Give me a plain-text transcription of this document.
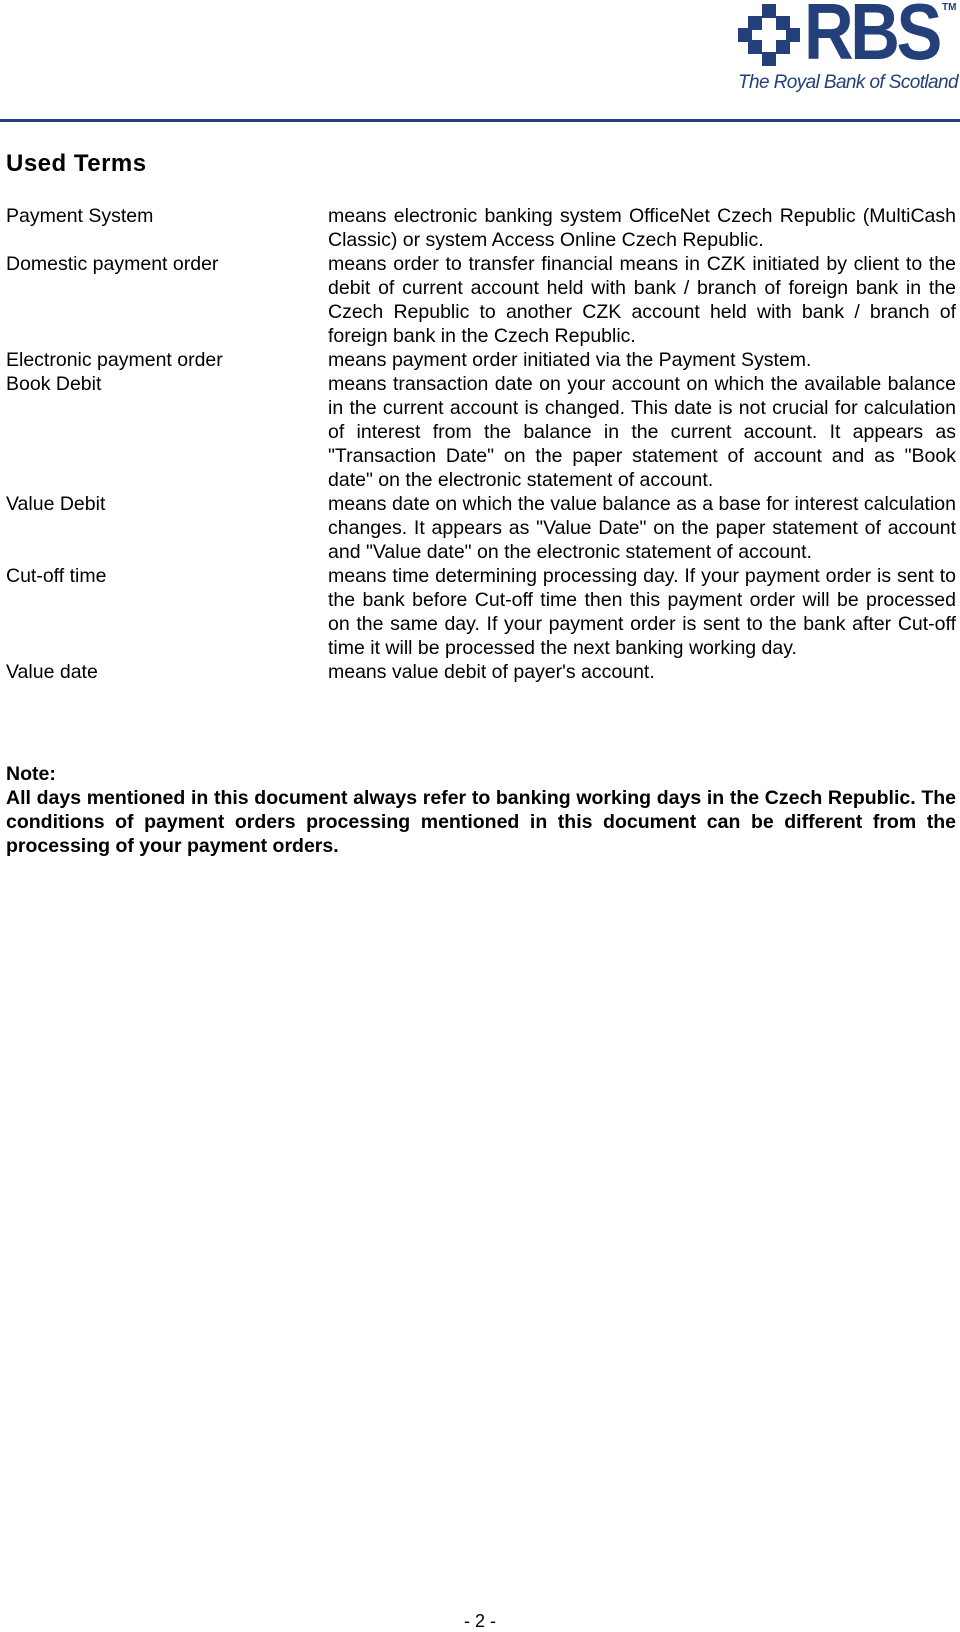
RBS TM
The Royal Bank of Scotland
Used Terms
Payment System	means electronic banking system OfficeNet Czech Republic (MultiCash Classic) or system Access Online Czech Republic.
Domestic payment order	means order to transfer financial means in CZK initiated by client to the debit of current account held with bank / branch of foreign bank in the Czech Republic to another CZK account held with bank / branch of foreign bank in the Czech Republic.
Electronic payment order	means payment order initiated via the Payment System.
Book Debit	means transaction date on your account on which the available balance in the current account is changed. This date is not crucial for calculation of interest from the balance in the current account. It appears as "Transaction Date" on the paper statement of account and as "Book date" on the electronic statement of account.
Value Debit	means date on which the value balance as a base for interest calculation changes. It appears as "Value Date" on the paper statement of account and "Value date" on the electronic statement of account.
Cut-off time	means time determining processing day. If your payment order is sent to the bank before Cut-off time then this payment order will be processed on the same day. If your payment order is sent to the bank after Cut-off time it will be processed the next banking working day.
Value date	means value debit of payer's account.

Note:

All days mentioned in this document always refer to banking working days in the Czech Republic. The conditions of payment orders processing mentioned in this document can be different from the processing of your payment orders.

- 2 -
